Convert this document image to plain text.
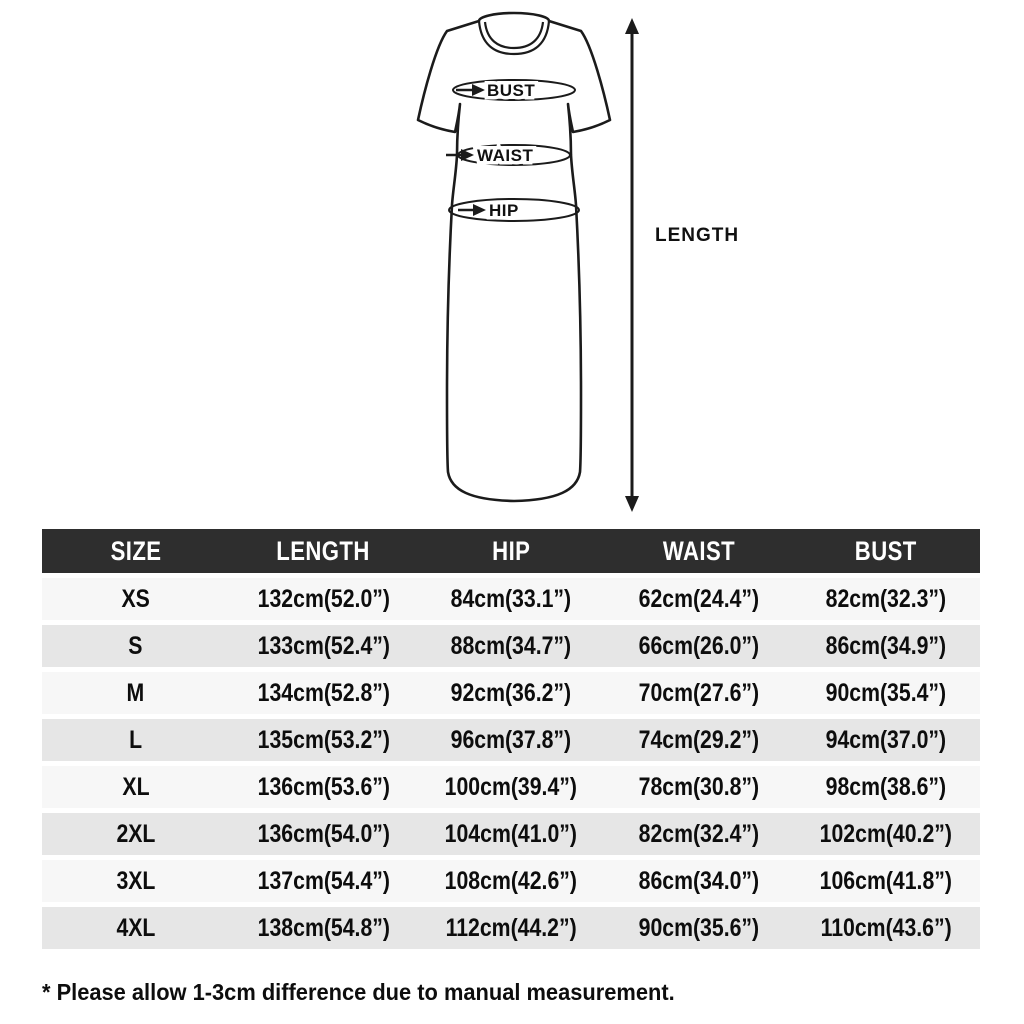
BUST
WAIST
HIP
LENGTH
SIZE	LENGTH	HIP	WAIST	BUST
XS	132cm(52.0”)	84cm(33.1”)	62cm(24.4”)	82cm(32.3”)
S	133cm(52.4”)	88cm(34.7”)	66cm(26.0”)	86cm(34.9”)
M	134cm(52.8”)	92cm(36.2”)	70cm(27.6”)	90cm(35.4”)
L	135cm(53.2”)	96cm(37.8”)	74cm(29.2”)	94cm(37.0”)
XL	136cm(53.6”)	100cm(39.4”)	78cm(30.8”)	98cm(38.6”)
2XL	136cm(54.0”)	104cm(41.0”)	82cm(32.4”)	102cm(40.2”)
3XL	137cm(54.4”)	108cm(42.6”)	86cm(34.0”)	106cm(41.8”)
4XL	138cm(54.8”)	112cm(44.2”)	90cm(35.6”)	110cm(43.6”)
* Please allow 1-3cm difference due to manual measurement.
